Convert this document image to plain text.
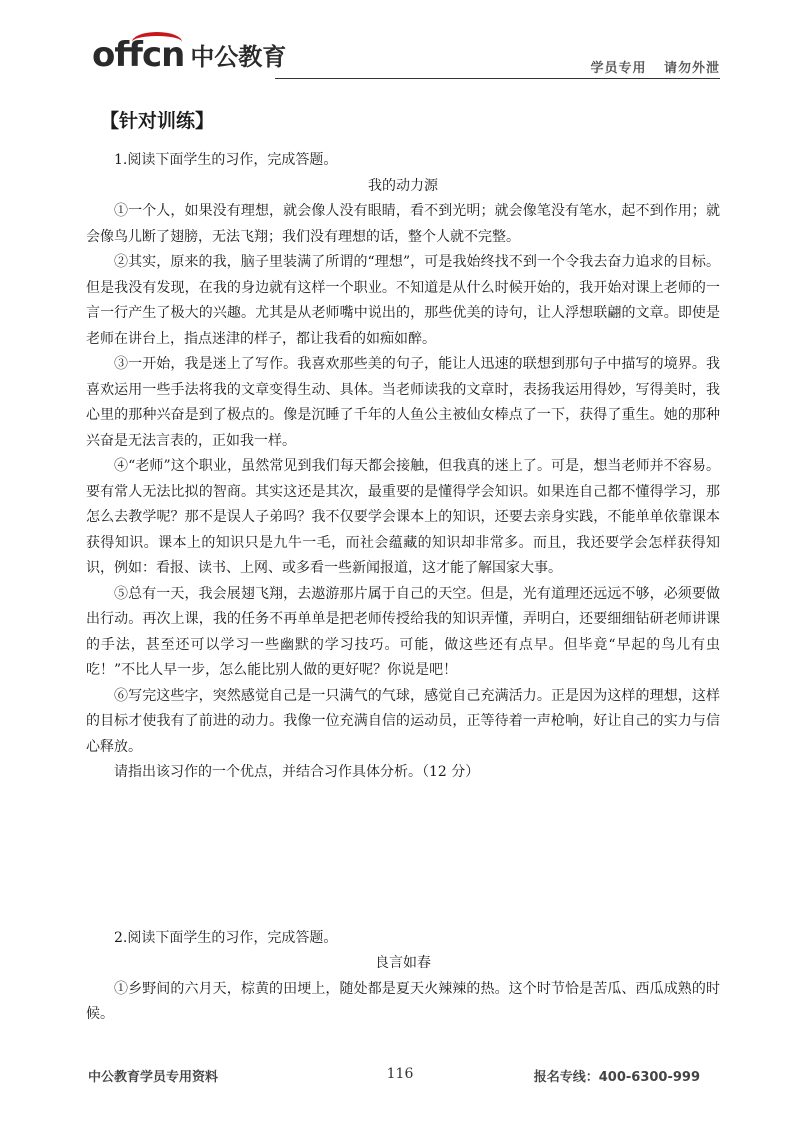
offcn 中公教育	学员专用 请勿外泄
【针对训练】

1.阅读下面学生的习作，完成答题。

我的动力源

①一个人，如果没有理想，就会像人没有眼睛，看不到光明；就会像笔没有笔水，起不到作用；就会像鸟儿断了翅膀，无法飞翔；我们没有理想的话，整个人就不完整。

②其实，原来的我，脑子里装满了所谓的“理想”，可是我始终找不到一个令我去奋力追求的目标。但是我没有发现，在我的身边就有这样一个职业。不知道是从什么时候开始的，我开始对课上老师的一言一行产生了极大的兴趣。尤其是从老师嘴中说出的，那些优美的诗句，让人浮想联翩的文章。即使是老师在讲台上，指点迷津的样子，都让我看的如痴如醉。

③一开始，我是迷上了写作。我喜欢那些美的句子，能让人迅速的联想到那句子中描写的境界。我喜欢运用一些手法将我的文章变得生动、具体。当老师读我的文章时，表扬我运用得妙，写得美时，我心里的那种兴奋是到了极点的。像是沉睡了千年的人鱼公主被仙女棒点了一下，获得了重生。她的那种兴奋是无法言表的，正如我一样。

④“老师”这个职业，虽然常见到我们每天都会接触，但我真的迷上了。可是，想当老师并不容易。要有常人无法比拟的智商。其实这还是其次，最重要的是懂得学会知识。如果连自己都不懂得学习，那怎么去教学呢？那不是误人子弟吗？我不仅要学会课本上的知识，还要去亲身实践，不能单单依靠课本获得知识。课本上的知识只是九牛一毛，而社会蕴藏的知识却非常多。而且，我还要学会怎样获得知识，例如：看报、读书、上网、或多看一些新闻报道，这才能了解国家大事。

⑤总有一天，我会展翅飞翔，去遨游那片属于自己的天空。但是，光有道理还远远不够，必须要做出行动。再次上课，我的任务不再单单是把老师传授给我的知识弄懂，弄明白，还要细细钻研老师讲课的手法，甚至还可以学习一些幽默的学习技巧。可能，做这些还有点早。但毕竟“早起的鸟儿有虫吃！”不比人早一步，怎么能比别人做的更好呢？你说是吧！

⑥写完这些字，突然感觉自己是一只满气的气球，感觉自己充满活力。正是因为这样的理想，这样的目标才使我有了前进的动力。我像一位充满自信的运动员，正等待着一声枪响，好让自己的实力与信心释放。

请指出该习作的一个优点，并结合习作具体分析。（12 分）

2.阅读下面学生的习作，完成答题。

良言如春

①乡野间的六月天，棕黄的田埂上，随处都是夏天火辣辣的热。这个时节恰是苦瓜、西瓜成熟的时候。

中公教育学员专用资料	116	报名专线：400-6300-999
